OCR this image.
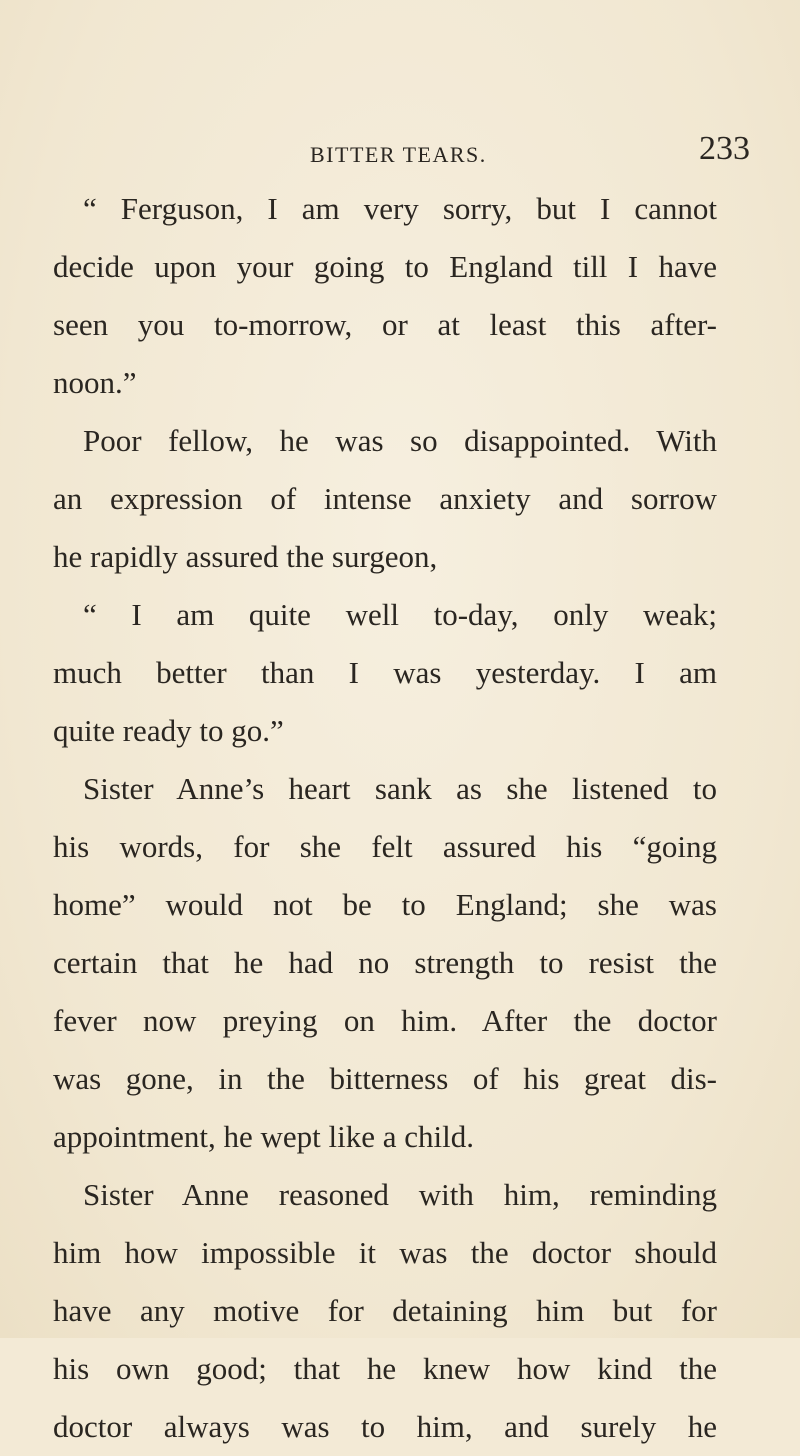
BITTER TEARS.	233
“ Ferguson, I am very sorry, but I cannot
decide upon your going to England till I have
seen you to-morrow, or at least this after-
noon.”
Poor fellow, he was so disappointed. With
an expression of intense anxiety and sorrow
he rapidly assured the surgeon,
“ I am quite well to-day, only weak;
much better than I was yesterday. I am
quite ready to go.”
Sister Anne’s heart sank as she listened to
his words, for she felt assured his “going
home” would not be to England; she was
certain that he had no strength to resist the
fever now preying on him. After the doctor
was gone, in the bitterness of his great dis-
appointment, he wept like a child.
Sister Anne reasoned with him, reminding
him how impossible it was the doctor should
have any motive for detaining him but for
his own good; that he knew how kind the
doctor always was to him, and surely he
